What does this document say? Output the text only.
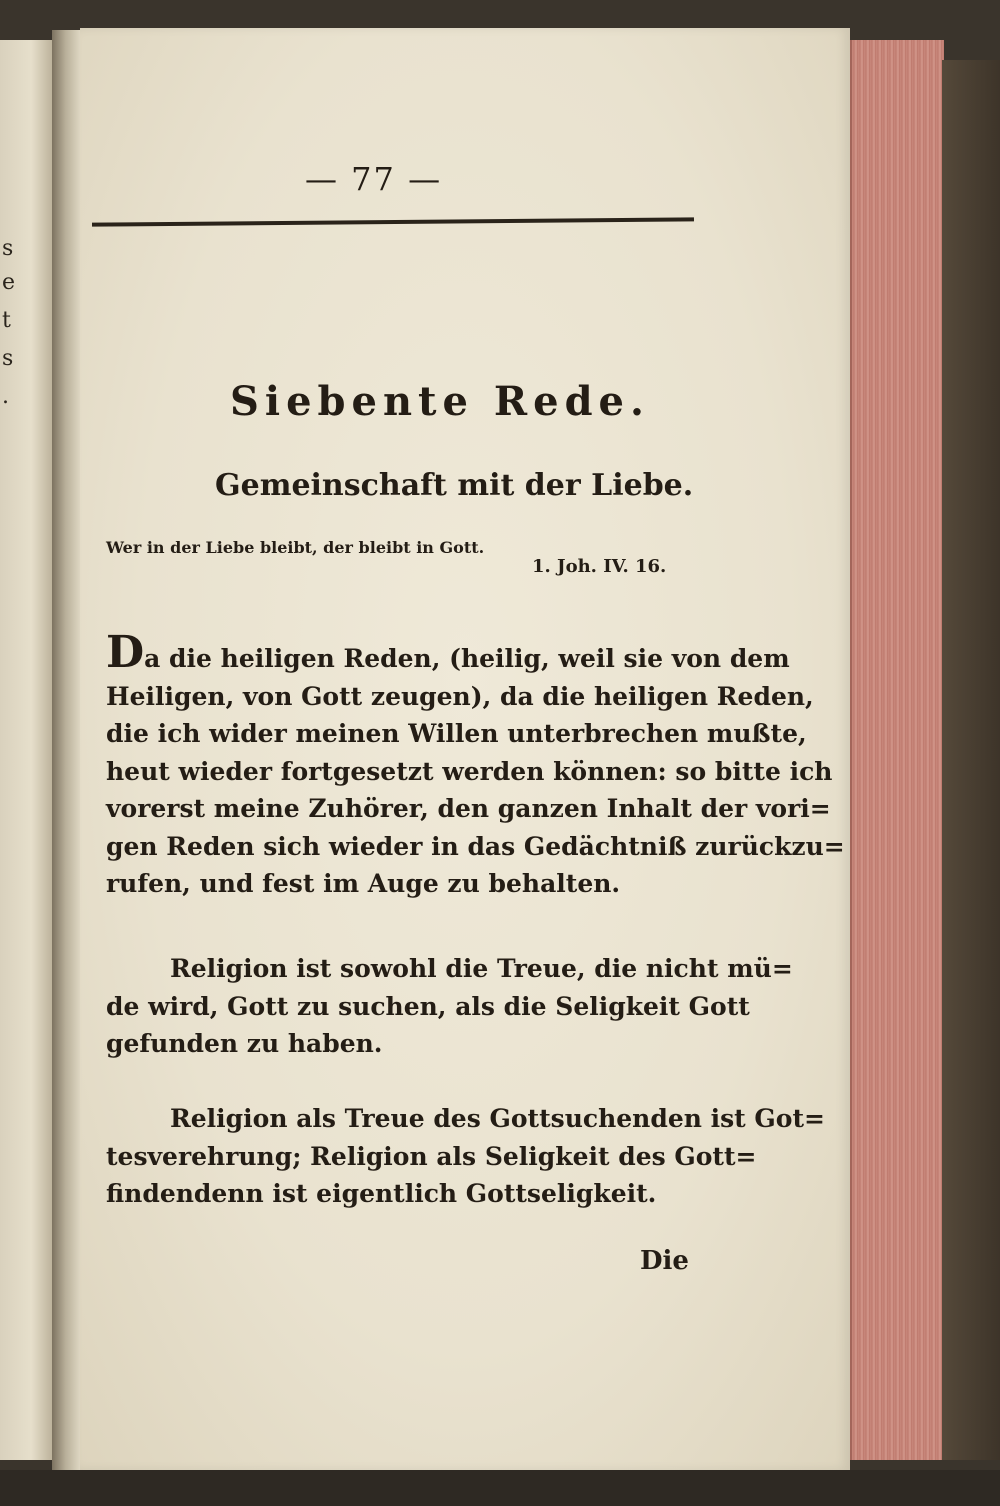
s
e
t
s
.
— 77 —
Siebente Rede.
Gemeinschaft mit der Liebe.
Wer in der Liebe bleibt, der bleibt in Gott.
1. Joh. IV. 16.
Da die heiligen Reden, (heilig, weil sie von dem
Heiligen, von Gott zeugen), da die heiligen Reden,
die ich wider meinen Willen unterbrechen mußte,
heut wieder fortgesetzt werden können: so bitte ich
vorerst meine Zuhörer, den ganzen Inhalt der vori=
gen Reden sich wieder in das Gedächtniß zurückzu=
rufen, und fest im Auge zu behalten.
Religion ist sowohl die Treue, die nicht mü=
de wird, Gott zu suchen, als die Seligkeit Gott
gefunden zu haben.
Religion als Treue des Gottsuchenden ist Got=
tesverehrung; Religion als Seligkeit des Gott=
findendenn ist eigentlich Gottseligkeit.
Die
